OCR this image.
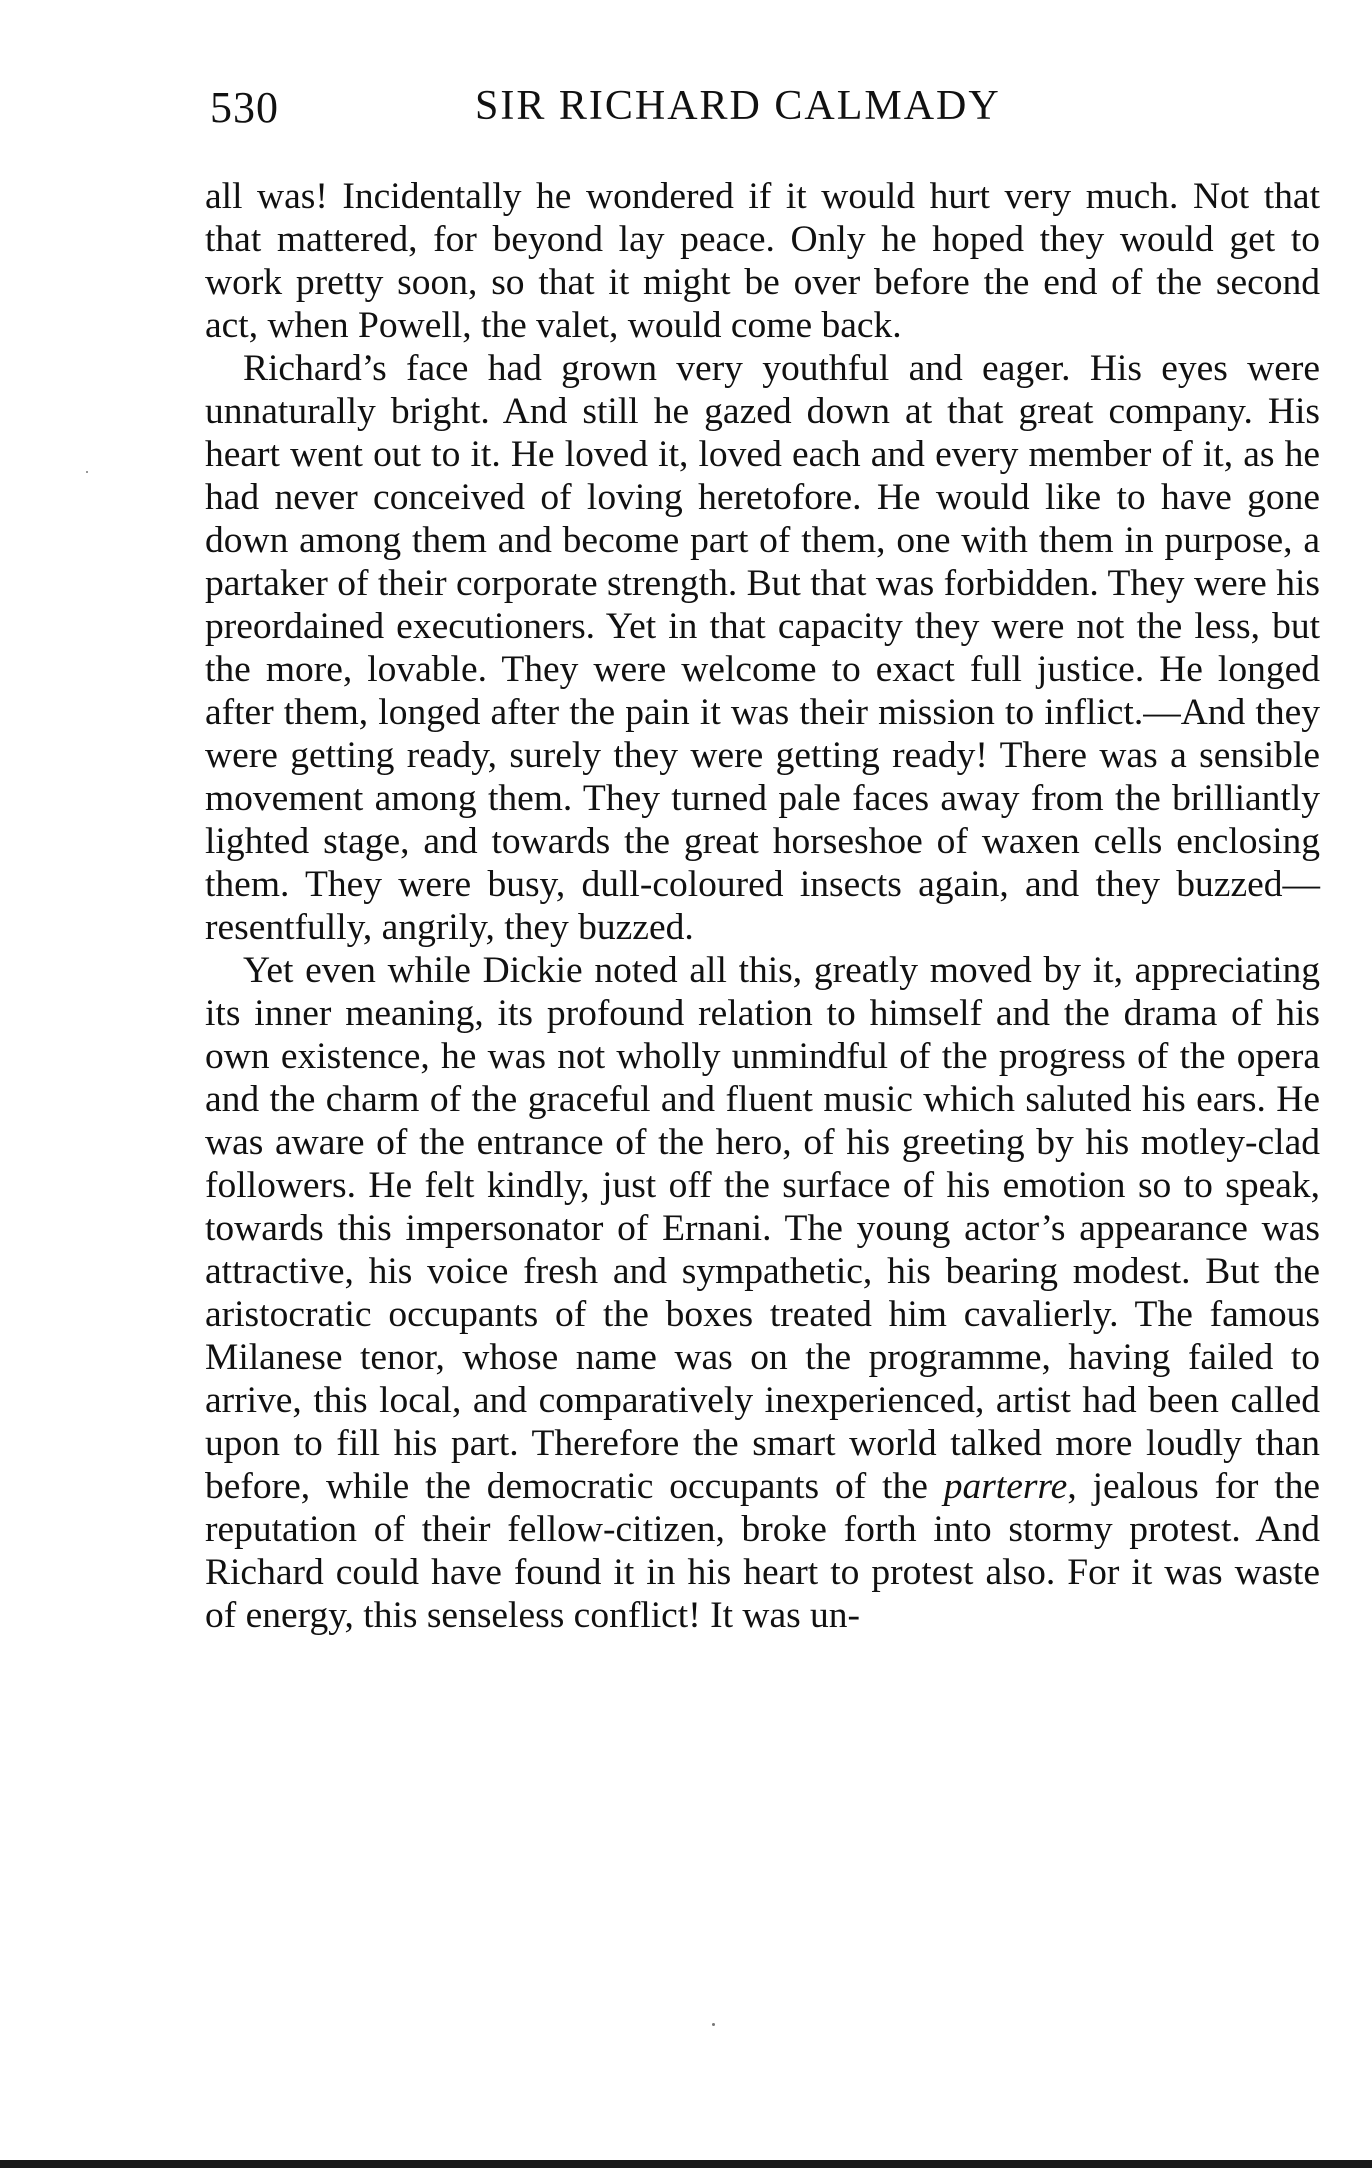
530	SIR RICHARD CALMADY

all was! Incidentally he wondered if it would hurt very much. Not that that mattered, for beyond lay peace. Only he hoped they would get to work pretty soon, so that it might be over before the end of the second act, when Powell, the valet, would come back.

Richard’s face had grown very youthful and eager. His eyes were unnaturally bright. And still he gazed down at that great company. His heart went out to it. He loved it, loved each and every member of it, as he had never conceived of loving heretofore. He would like to have gone down among them and become part of them, one with them in purpose, a partaker of their corporate strength. But that was forbidden. They were his preordained executioners. Yet in that capacity they were not the less, but the more, lovable. They were welcome to exact full justice. He longed after them, longed after the pain it was their mission to inflict.—And they were getting ready, surely they were getting ready! There was a sensible movement among them. They turned pale faces away from the brilliantly lighted stage, and towards the great horseshoe of waxen cells enclosing them. They were busy, dull-coloured insects again, and they buzzed—resentfully, angrily, they buzzed.

Yet even while Dickie noted all this, greatly moved by it, appreciating its inner meaning, its profound relation to himself and the drama of his own existence, he was not wholly unmindful of the progress of the opera and the charm of the graceful and fluent music which saluted his ears. He was aware of the entrance of the hero, of his greeting by his motley-clad followers. He felt kindly, just off the surface of his emotion so to speak, towards this impersonator of Ernani. The young actor’s appearance was attractive, his voice fresh and sympathetic, his bearing modest. But the aristocratic occupants of the boxes treated him cavalierly. The famous Milanese tenor, whose name was on the programme, having failed to arrive, this local, and comparatively inexperienced, artist had been called upon to fill his part. Therefore the smart world talked more loudly than before, while the democratic occupants of the parterre, jealous for the reputation of their fellow-citizen, broke forth into stormy protest. And Richard could have found it in his heart to protest also. For it was waste of energy, this senseless conflict! It was un-
